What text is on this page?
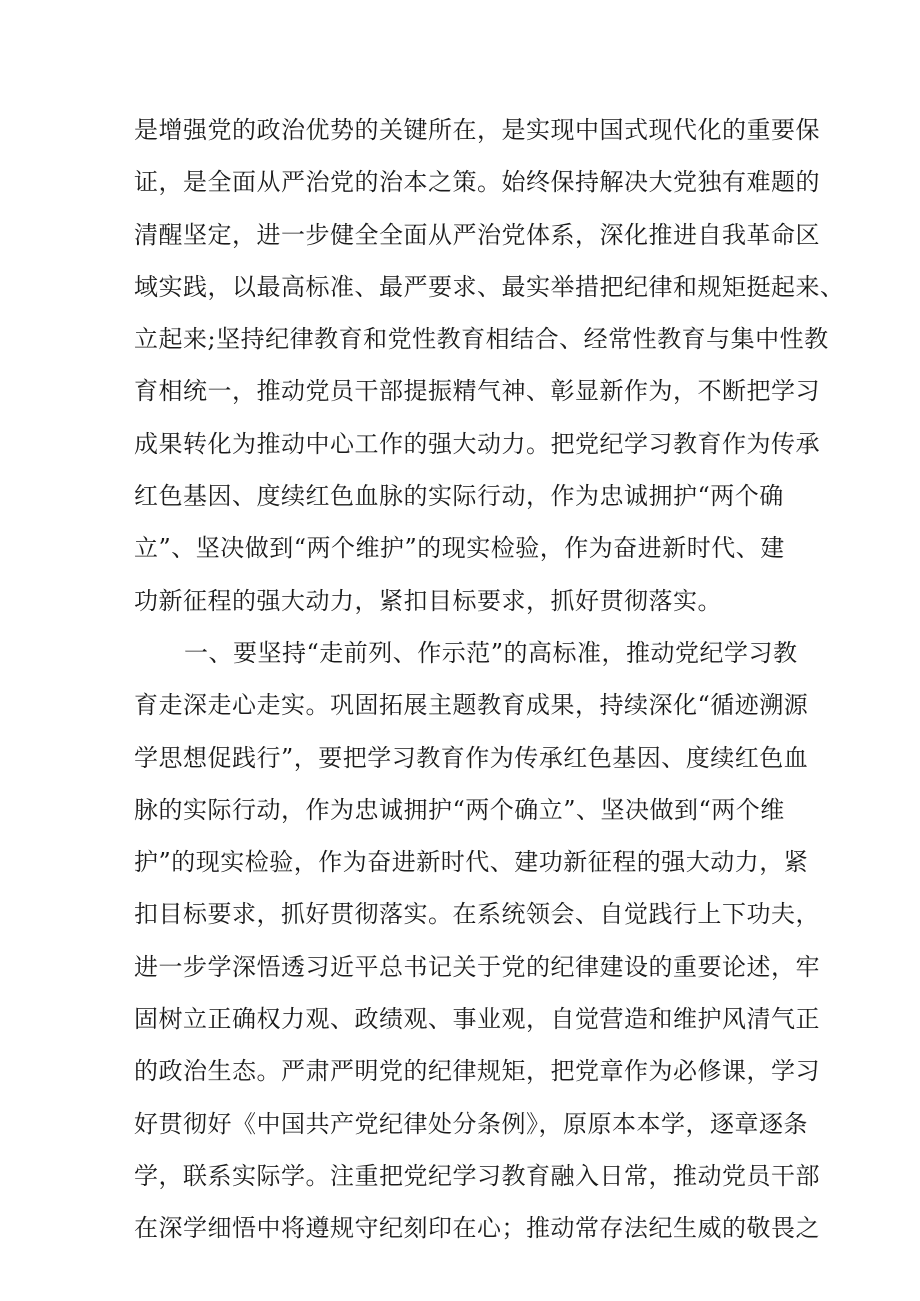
是增强党的政治优势的关键所在，是实现中国式现代化的重要保
证，是全面从严治党的治本之策。始终保持解决大党独有难题的
清醒坚定，进一步健全全面从严治党体系，深化推进自我革命区
域实践，以最高标准、最严要求、最实举措把纪律和规矩挺起来、
立起来;坚持纪律教育和党性教育相结合、经常性教育与集中性教
育相统一，推动党员干部提振精气神、彰显新作为，不断把学习
成果转化为推动中心工作的强大动力。把党纪学习教育作为传承
红色基因、度续红色血脉的实际行动，作为忠诚拥护“两个确
立”、坚决做到“两个维护”的现实检验，作为奋进新时代、建
功新征程的强大动力，紧扣目标要求，抓好贯彻落实。
一、要坚持“走前列、作示范”的高标准，推动党纪学习教
育走深走心走实。巩固拓展主题教育成果，持续深化“循迹溯源
学思想促践行”，要把学习教育作为传承红色基因、度续红色血
脉的实际行动，作为忠诚拥护“两个确立”、坚决做到“两个维
护”的现实检验，作为奋进新时代、建功新征程的强大动力，紧
扣目标要求，抓好贯彻落实。在系统领会、自觉践行上下功夫，
进一步学深悟透习近平总书记关于党的纪律建设的重要论述，牢
固树立正确权力观、政绩观、事业观，自觉营造和维护风清气正
的政治生态。严肃严明党的纪律规矩，把党章作为必修课，学习
好贯彻好《中国共产党纪律处分条例》，原原本本学，逐章逐条
学，联系实际学。注重把党纪学习教育融入日常，推动党员干部
在深学细悟中将遵规守纪刻印在心；推动常存法纪生威的敬畏之
